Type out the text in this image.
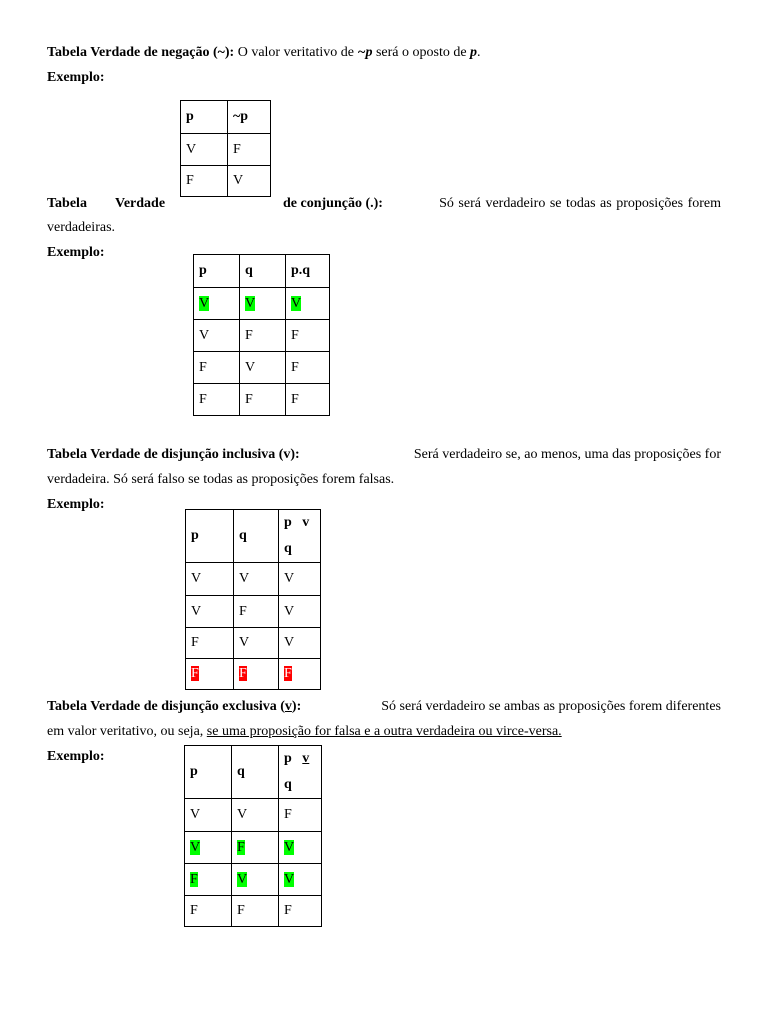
Tabela Verdade de negação (~): O valor veritativo de ~p será o oposto de p.
Exemplo:
p	~p
V	F
F	V
Tabela Verdade	de conjunção (.):	Só será verdadeiro se todas as proposições forem
verdadeiras.
Exemplo:
p	q	p.q
V	V	V
V	F	F
F	V	F
F	F	F
Tabela Verdade de disjunção inclusiva (v):	Será verdadeiro se, ao menos, uma das proposições for
verdadeira. Só será falso se todas as proposições forem falsas.
Exemplo:
p	q	p   v
q

V	V	V
V	F	V
F	V	V
F	F	F
Tabela Verdade de disjunção exclusiva (v):	Só será verdadeiro se ambas as proposições forem diferentes
em valor veritativo, ou seja, se uma proposição for falsa e a outra verdadeira ou virce-versa.
Exemplo:
p	q	p v
q

V	V	F
V	F	V
F	V	V
F	F	F
